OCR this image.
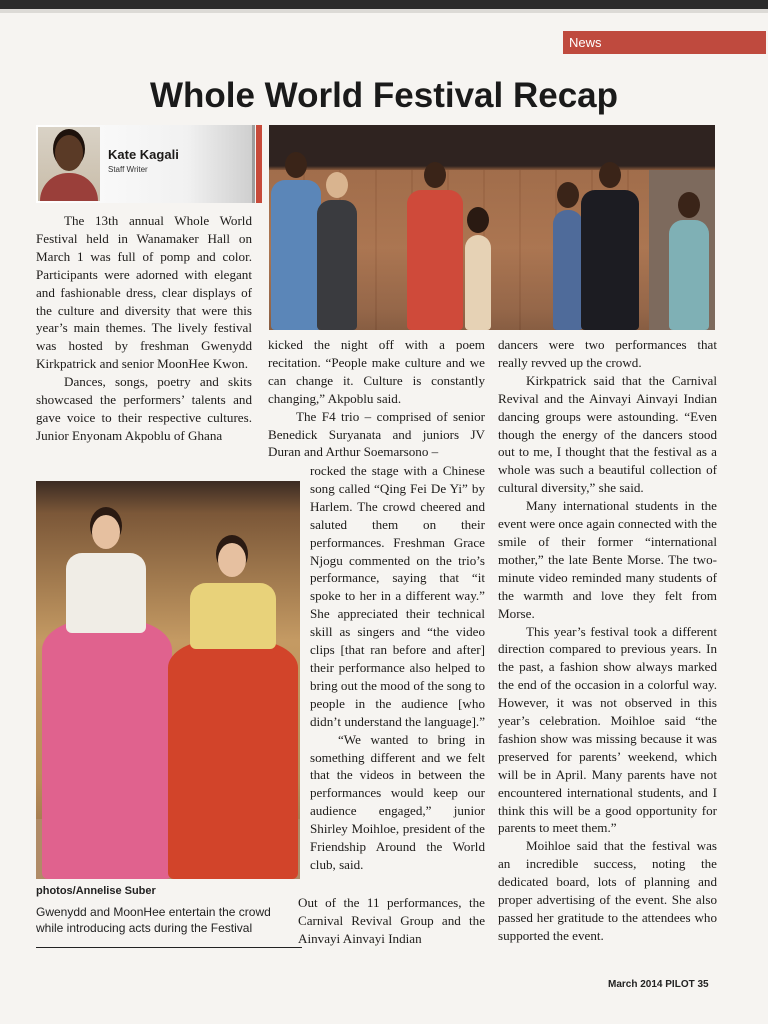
News
Whole World Festival Recap
Kate Kagali
Staff Writer

The 13th annual Whole World Festival held in Wanamaker Hall on March 1 was full of pomp and color. Participants were adorned with elegant and fashionable dress, clear displays of the culture and diversity that were this year’s main themes. The lively festival was hosted by freshman Gwenydd Kirkpatrick and senior MoonHee Kwon.

Dances, songs, poetry and skits showcased the performers’ talents and gave voice to their respective cultures. Junior Enyonam Akpoblu of Ghana

photos/Annelise Suber
Gwenydd and MoonHee entertain the crowd while introducing acts during the Festival

kicked the night off with a poem recitation. “People make culture and we can change it. Culture is constantly changing,” Akpoblu said.

The F4 trio – comprised of senior Benedick Suryanata and juniors JV Duran and Arthur Soemarsono –

rocked the stage with a Chinese song called “Qing Fei De Yi” by Harlem. The crowd cheered and saluted them on their performances. Freshman Grace Njogu commented on the trio’s performance, saying that “it spoke to her in a different way.” She appreciated their technical skill as singers and “the video clips [that ran before and after] their performance also helped to bring out the mood of the song to people in the audience [who didn’t understand the language].”

“We wanted to bring in something different and we felt that the videos in between the performances would keep our audience engaged,” junior Shirley Moihloe, president of the Friendship Around the World club, said.

Out of the 11 performances, the Carnival Revival Group and the Ainvayi Ainvayi Indian

dancers were two performances that really revved up the crowd.

Kirkpatrick said that the Carnival Revival and the Ainvayi Ainvayi Indian dancing groups were astounding. “Even though the energy of the dancers stood out to me, I thought that the festival as a whole was such a beautiful collection of cultural diversity,” she said.

Many international students in the event were once again connected with the smile of their former “international mother,” the late Bente Morse. The two-minute video reminded many students of the warmth and love they felt from Morse.

This year’s festival took a different direction compared to previous years. In the past, a fashion show always marked the end of the occasion in a colorful way. However, it was not observed in this year’s celebration. Moihloe said “the fashion show was missing because it was preserved for parents’ weekend, which will be in April. Many parents have not encountered international students, and I think this will be a good opportunity for parents to meet them.”

Moihloe said that the festival was an incredible success, noting the dedicated board, lots of planning and proper advertising of the event. She also passed her gratitude to the attendees who supported the event.

March 2014 PILOT 35
